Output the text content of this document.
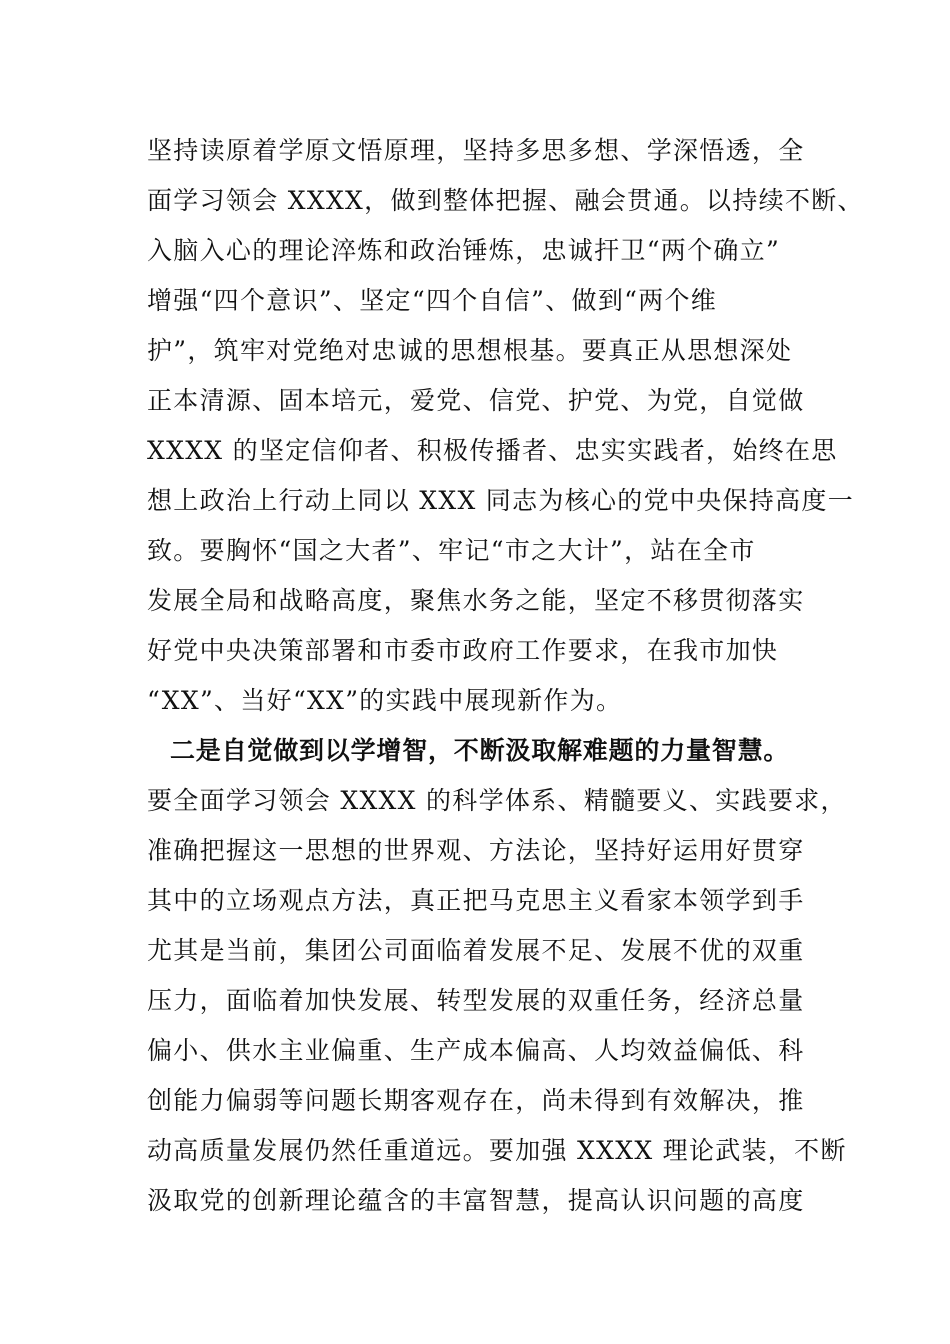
坚持读原着学原文悟原理，坚持多思多想、学深悟透，全
面学习领会 XXXX，做到整体把握、融会贯通。以持续不断、
入脑入心的理论淬炼和政治锤炼，忠诚扞卫“两个确立”
增强“四个意识”、坚定“四个自信”、做到“两个维
护”，筑牢对党绝对忠诚的思想根基。要真正从思想深处
正本清源、固本培元，爱党、信党、护党、为党，自觉做
XXXX 的坚定信仰者、积极传播者、忠实实践者，始终在思
想上政治上行动上同以 XXX 同志为核心的党中央保持高度一
致。要胸怀“国之大者”、牢记“市之大计”，站在全市
发展全局和战略高度，聚焦水务之能，坚定不移贯彻落实
好党中央决策部署和市委市政府工作要求，在我市加快
“XX”、当好“XX”的实践中展现新作为。
二是自觉做到以学增智，不断汲取解难题的力量智慧。
要全面学习领会 XXXX 的科学体系、精髓要义、实践要求，
准确把握这一思想的世界观、方法论，坚持好运用好贯穿
其中的立场观点方法，真正把马克思主义看家本领学到手
尤其是当前，集团公司面临着发展不足、发展不优的双重
压力，面临着加快发展、转型发展的双重任务，经济总量
偏小、供水主业偏重、生产成本偏高、人均效益偏低、科
创能力偏弱等问题长期客观存在，尚未得到有效解决，推
动高质量发展仍然任重道远。要加强 XXXX 理论武装，不断
汲取党的创新理论蕴含的丰富智慧，提高认识问题的高度
